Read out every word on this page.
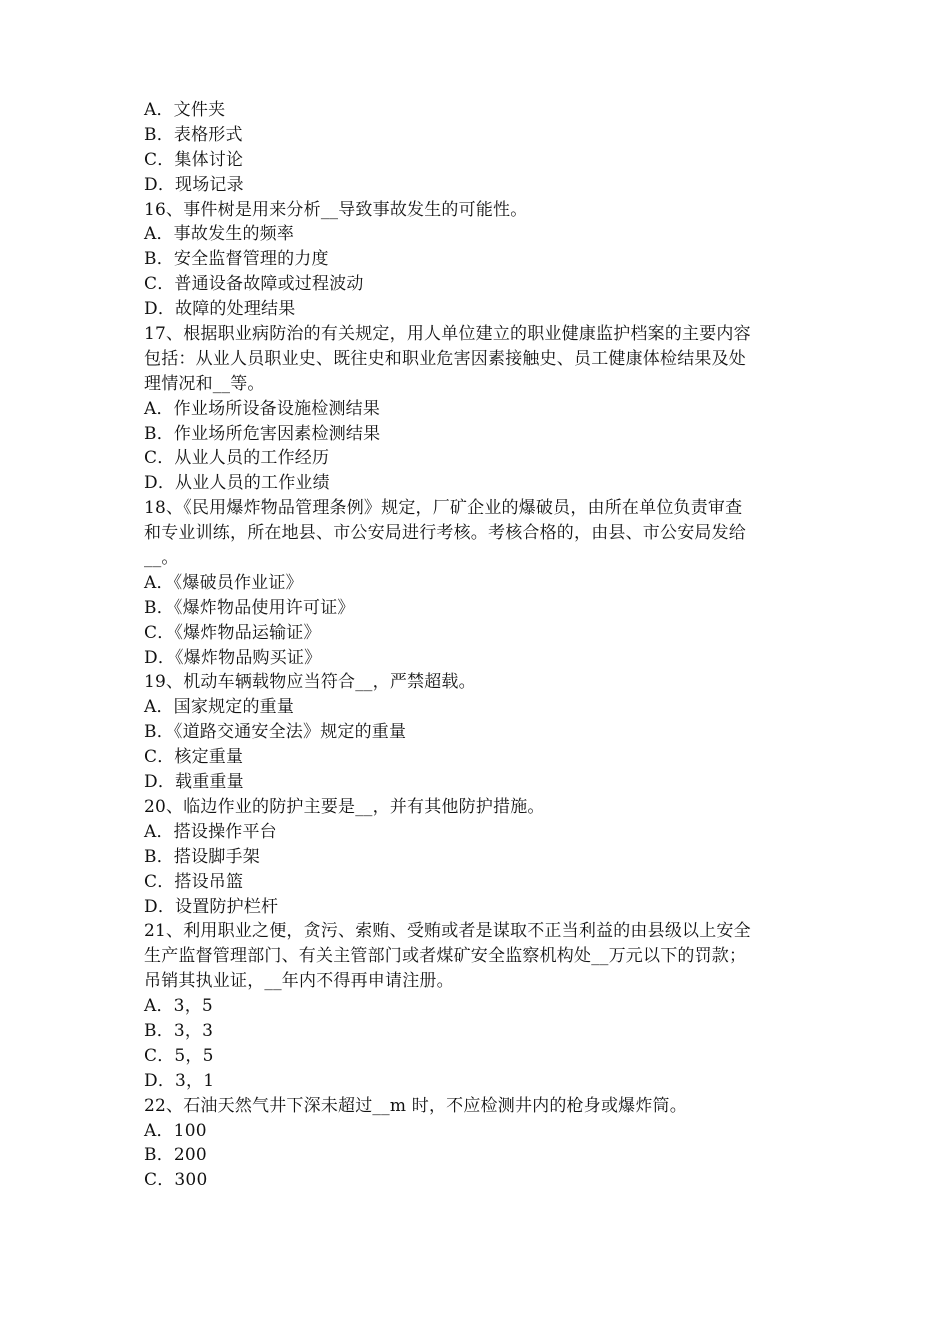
A．文件夹
B．表格形式
C．集体讨论
D．现场记录
16、事件树是用来分析__导致事故发生的可能性。
A．事故发生的频率
B．安全监督管理的力度
C．普通设备故障或过程波动
D．故障的处理结果
17、根据职业病防治的有关规定，用人单位建立的职业健康监护档案的主要内容
包括：从业人员职业史、既往史和职业危害因素接触史、员工健康体检结果及处
理情况和__等。
A．作业场所设备设施检测结果
B．作业场所危害因素检测结果
C．从业人员的工作经历
D．从业人员的工作业绩
18、《民用爆炸物品管理条例》规定，厂矿企业的爆破员，由所在单位负责审查
和专业训练，所在地县、市公安局进行考核。考核合格的，由县、市公安局发给
__。
A．《爆破员作业证》
B．《爆炸物品使用许可证》
C．《爆炸物品运输证》
D．《爆炸物品购买证》
19、机动车辆载物应当符合__，严禁超载。
A．国家规定的重量
B．《道路交通安全法》规定的重量
C．核定重量
D．载重重量
20、临边作业的防护主要是__，并有其他防护措施。
A．搭设操作平台
B．搭设脚手架
C．搭设吊篮
D．设置防护栏杆
21、利用职业之便，贪污、索贿、受贿或者是谋取不正当利益的由县级以上安全
生产监督管理部门、有关主管部门或者煤矿安全监察机构处__万元以下的罚款；
吊销其执业证，__年内不得再申请注册。
A．3，5
B．3，3
C．5，5
D．3，1
22、石油天然气井下深未超过__m 时，不应检测井内的枪身或爆炸筒。
A．100
B．200
C．300
